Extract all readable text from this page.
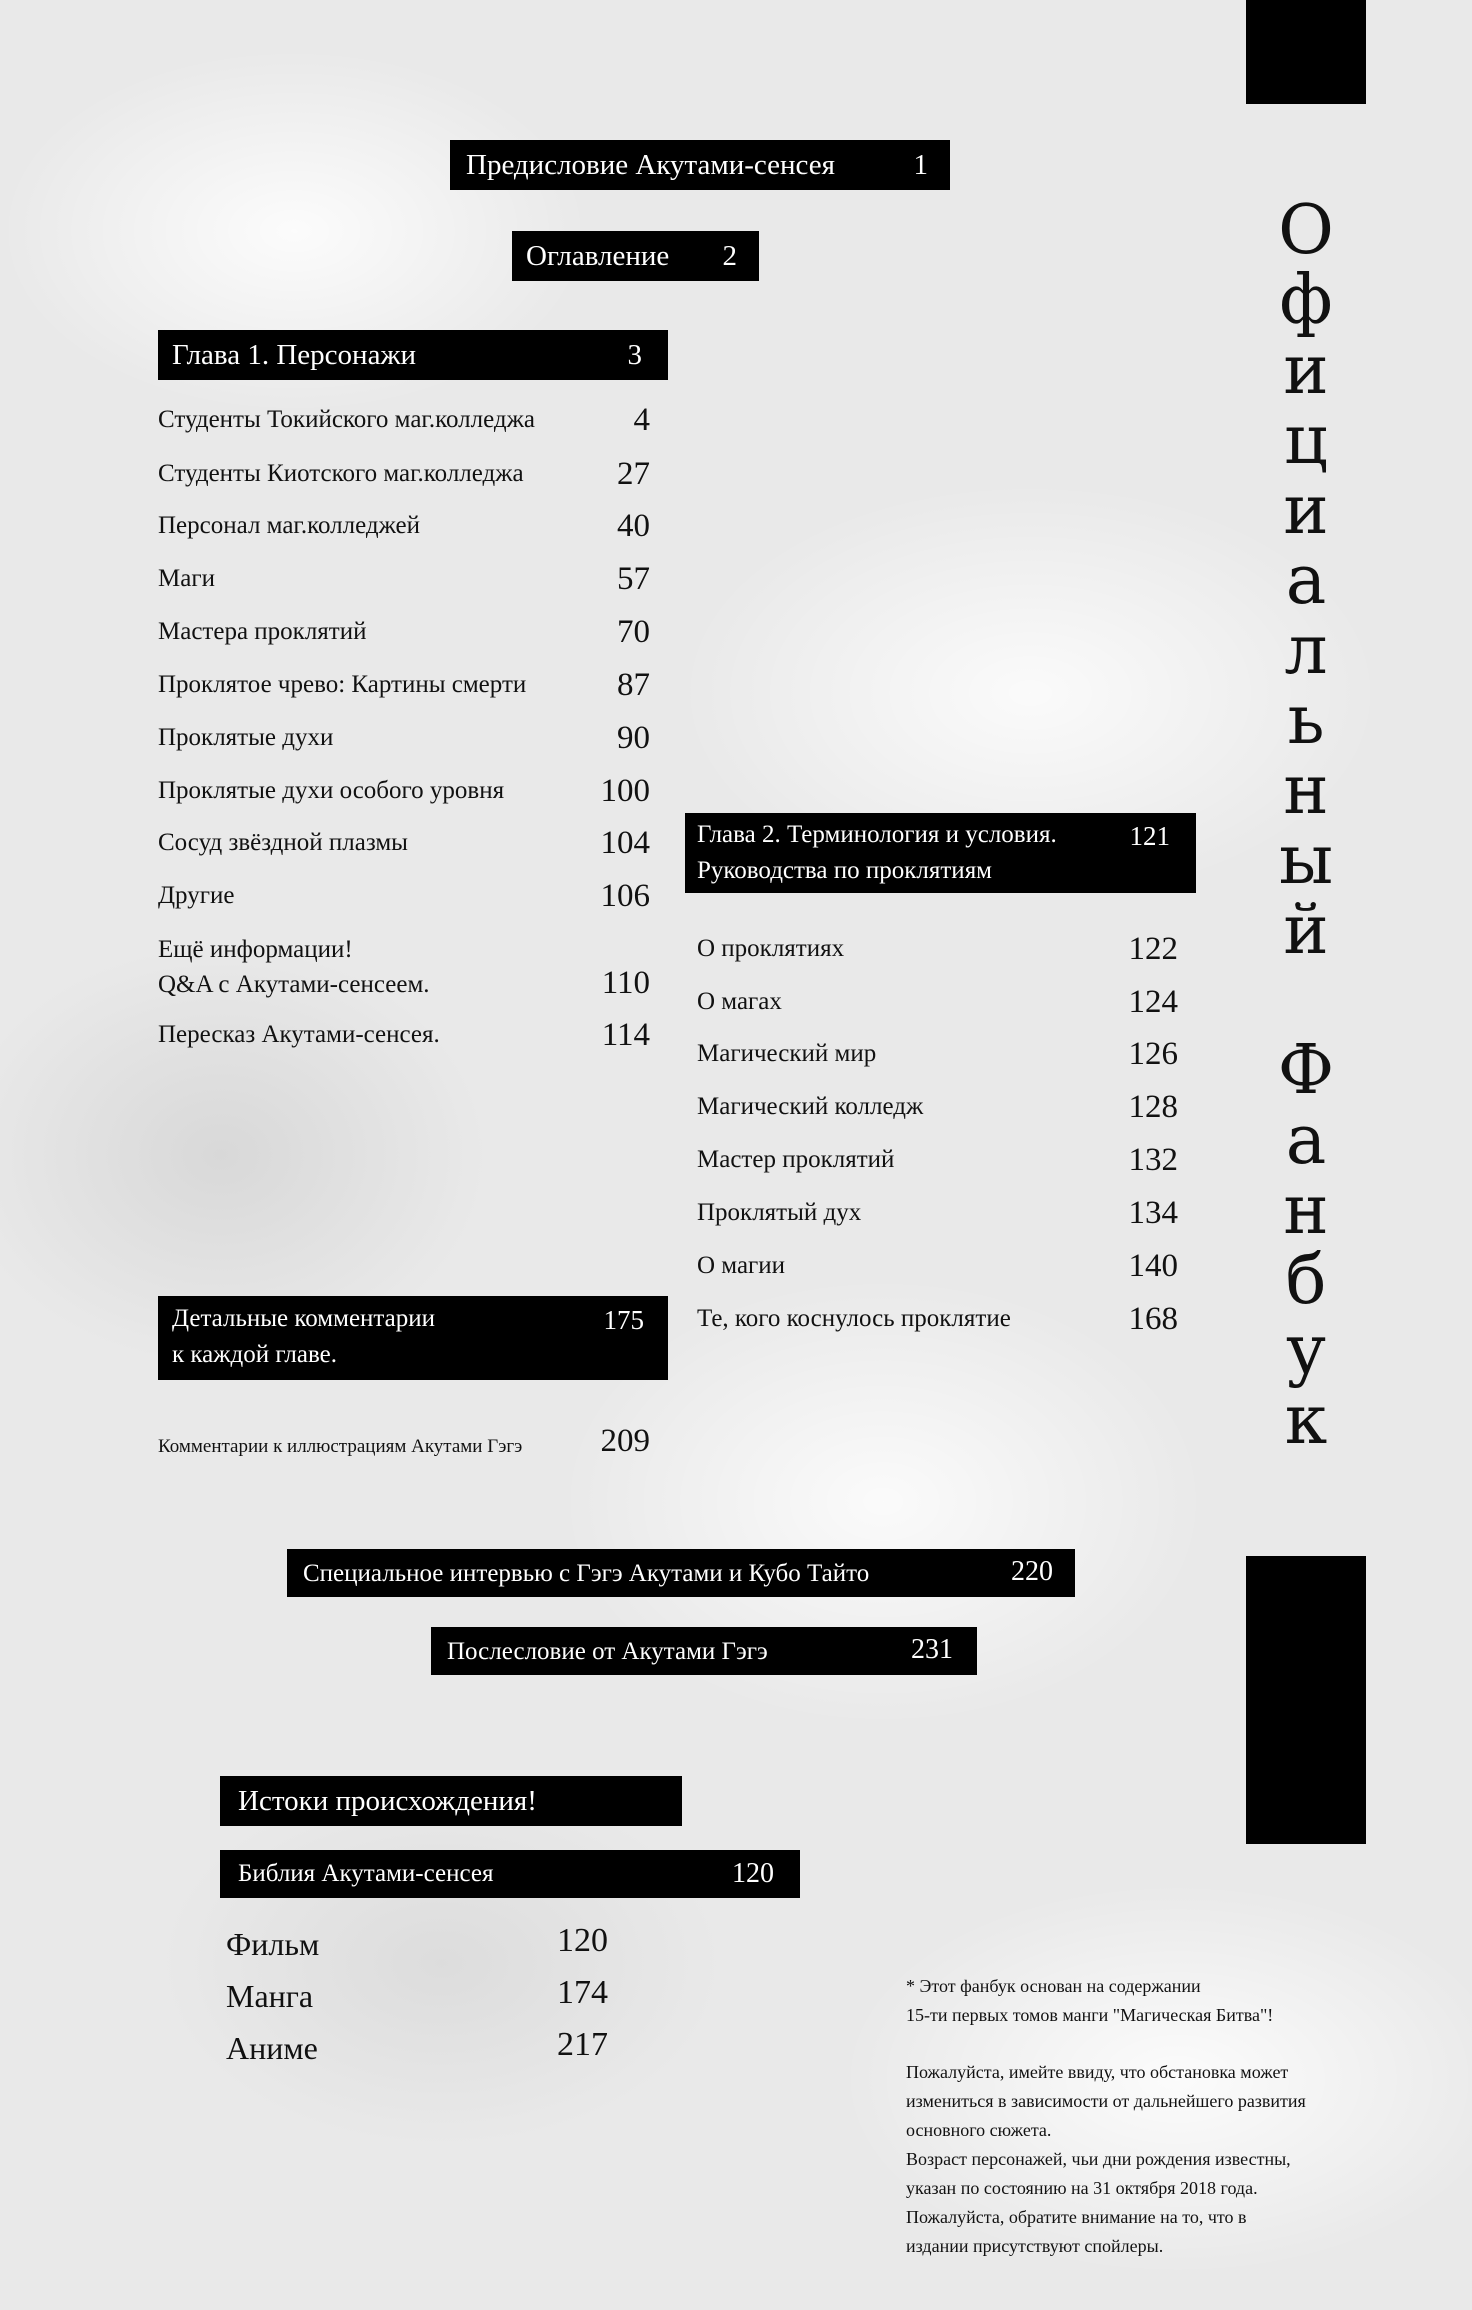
О
ф
и
ц
и
а
л
ь
н
ы
й

Ф
а
н
б
у
к
Предисловие Акутами-сенсея	1
Оглавление 2
Глава 1. Персонажи	3
Студенты Токийского маг.колледжа	4
Студенты Киотского маг.колледжа	27
Персонал маг.колледжей	40
Маги	57
Мастера проклятий	70
Проклятое чрево: Картины смерти	87
Проклятые духи	90
Проклятые духи особого уровня	100
Сосуд звёздной плазмы	104
Другие	106
Ещё информации!
Q&A с Акутами-сенсеем.	110
Пересказ Акутами-сенсея.	114
Глава 2. Терминология и условия.
Руководства по проклятиям
121
О проклятиях	122
О магах	124
Магический мир	126
Магический колледж	128
Мастер проклятий	132
Проклятый дух	134
О магии	140
Те, кого коснулось проклятие	168
Детальные комментарии
к каждой главе.
175
Комментарии к иллюстрациям Акутами Гэгэ	209
Специальное интервью с Гэгэ Акутами и Кубо Тайто	220
Послесловие от Акутами Гэгэ	231
Истоки происхождения!
Библия Акутами-сенсея	120
Фильм	120
Манга	174
Аниме	217
* Этот фанбук основан на содержании
15-ти первых томов манги "Магическая Битва"!
Пожалуйста, имейте ввиду, что обстановка может
измениться в зависимости от дальнейшего развития
основного сюжета.
Возраст персонажей, чьи дни рождения известны,
указан по состоянию на 31 октября 2018 года.
Пожалуйста, обратите внимание на то, что в
издании присутствуют спойлеры.
